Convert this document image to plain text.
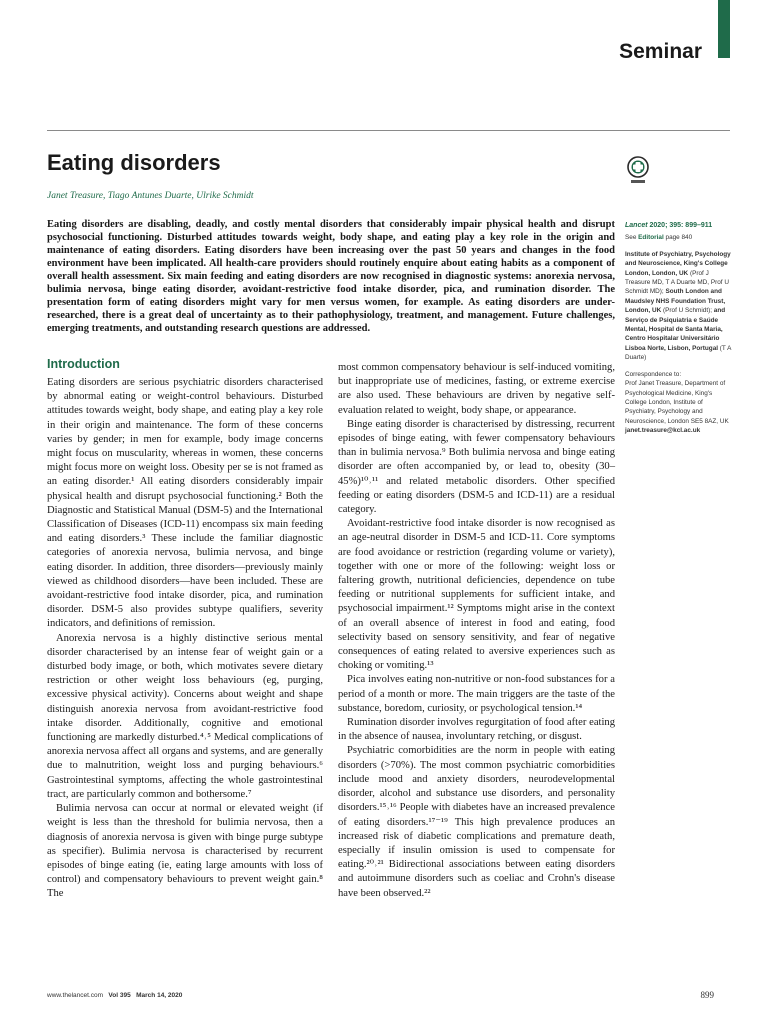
Seminar
Eating disorders
Janet Treasure, Tiago Antunes Duarte, Ulrike Schmidt

Eating disorders are disabling, deadly, and costly mental disorders that considerably impair physical health and disrupt psychosocial functioning. Disturbed attitudes towards weight, body shape, and eating play a key role in the origin and maintenance of eating disorders. Eating disorders have been increasing over the past 50 years and changes in the food environment have been implicated. All health-care providers should routinely enquire about eating habits as a component of overall health assessment. Six main feeding and eating disorders are now recognised in diagnostic systems: anorexia nervosa, bulimia nervosa, binge eating disorder, avoidant-restrictive food intake disorder, pica, and rumination disorder. The presentation form of eating disorders might vary for men versus women, for example. As eating disorders are under-researched, there is a great deal of uncertainty as to their pathophysiology, treatment, and management. Future challenges, emerging treatments, and outstanding research questions are addressed.

Introduction

Eating disorders are serious psychiatric disorders characterised by abnormal eating or weight-control behaviours. Disturbed attitudes towards weight, body shape, and eating play a key role in their origin and maintenance. The form of these concerns varies by gender; in men for example, body image concerns might focus on muscularity, whereas in women, these concerns might focus more on weight loss. Obesity per se is not framed as an eating disorder.¹ All eating disorders considerably impair physical health and disrupt psychosocial functioning.² Both the Diagnostic and Statistical Manual (DSM-5) and the International Classification of Diseases (ICD-11) encompass six main feeding and eating disorders.³ These include the familiar diagnostic categories of anorexia nervosa, bulimia nervosa, and binge eating disorder. In addition, three disorders—previously mainly viewed as childhood disorders—have been included. These are avoidant-restrictive food intake disorder, pica, and rumination disorder. DSM-5 also provides subtype qualifiers, severity indicators, and definitions of remission.

Anorexia nervosa is a highly distinctive serious mental disorder characterised by an intense fear of weight gain or a disturbed body image, or both, which motivates severe dietary restriction or other weight loss behaviours (eg, purging, excessive physical activity). Concerns about weight and shape distinguish anorexia nervosa from avoidant-restrictive food intake disorder. Additionally, cognitive and emotional functioning are markedly disturbed.⁴˒⁵ Medical complications of anorexia nervosa affect all organs and systems, and are generally due to malnutrition, weight loss and purging behaviours.⁶ Gastrointestinal symptoms, affecting the whole gastrointestinal tract, are particularly common and bothersome.⁷

Bulimia nervosa can occur at normal or elevated weight (if weight is less than the threshold for bulimia nervosa, then a diagnosis of anorexia nervosa is given with binge purge subtype as specifier). Bulimia nervosa is characterised by recurrent episodes of binge eating (ie, eating large amounts with loss of control) and compensatory behaviours to prevent weight gain.⁸ The

most common compensatory behaviour is self-induced vomiting, but inappropriate use of medicines, fasting, or extreme exercise are also used. These behaviours are driven by negative self-evaluation related to weight, body shape, or appearance.

Binge eating disorder is characterised by distressing, recurrent episodes of binge eating, with fewer compensatory behaviours than in bulimia nervosa.⁹ Both bulimia nervosa and binge eating disorder are often accompanied by, or lead to, obesity (30–45%)¹⁰˒¹¹ and related metabolic disorders. Other specified feeding or eating disorders (DSM-5 and ICD-11) are a residual category.

Avoidant-restrictive food intake disorder is now recognised as an age-neutral disorder in DSM-5 and ICD-11. Core symptoms are food avoidance or restriction (regarding volume or variety), together with one or more of the following: weight loss or faltering growth, nutritional deficiencies, dependence on tube feeding or nutritional supplements for sufficient intake, and psychosocial impairment.¹² Symptoms might arise in the context of an overall absence of interest in food and eating, food selectivity based on sensory sensitivity, and fear of negative consequences of eating related to aversive experiences such as choking or vomiting.¹³

Pica involves eating non-nutritive or non-food substances for a period of a month or more. The main triggers are the taste of the substance, boredom, curiosity, or psychological tension.¹⁴

Rumination disorder involves regurgitation of food after eating in the absence of nausea, involuntary retching, or disgust.

Psychiatric comorbidities are the norm in people with eating disorders (>70%). The most common psychiatric comorbidities include mood and anxiety disorders, neurodevelopmental disorder, alcohol and substance use disorders, and personality disorders.¹⁵˒¹⁶ People with diabetes have an increased prevalence of eating disorders.¹⁷⁻¹⁹ This high prevalence produces an increased risk of diabetic complications and premature death, especially if insulin omission is used to compensate for eating.²⁰˒²¹ Bidirectional associations between eating disorders and autoimmune disorders such as coeliac and Crohn's disease have been observed.²²

Lancet 2020; 395: 899–911
See Editorial page 840
Institute of Psychiatry, Psychology and Neuroscience, King's College London, London, UK (Prof J Treasure MD, T A Duarte MD, Prof U Schmidt MD); South London and Maudsley NHS Foundation Trust, London, UK (Prof U Schmidt); and Serviço de Psiquiatria e Saúde Mental, Hospital de Santa Maria, Centro Hospitalar Universitário Lisboa Norte, Lisbon, Portugal (T A Duarte)
Correspondence to:
Prof Janet Treasure, Department of Psychological Medicine, King's College London, Institute of Psychiatry, Psychology and Neuroscience, London SE5 8AZ, UK
janet.treasure@kcl.ac.uk
www.thelancet.com Vol 395 March 14, 2020	899
